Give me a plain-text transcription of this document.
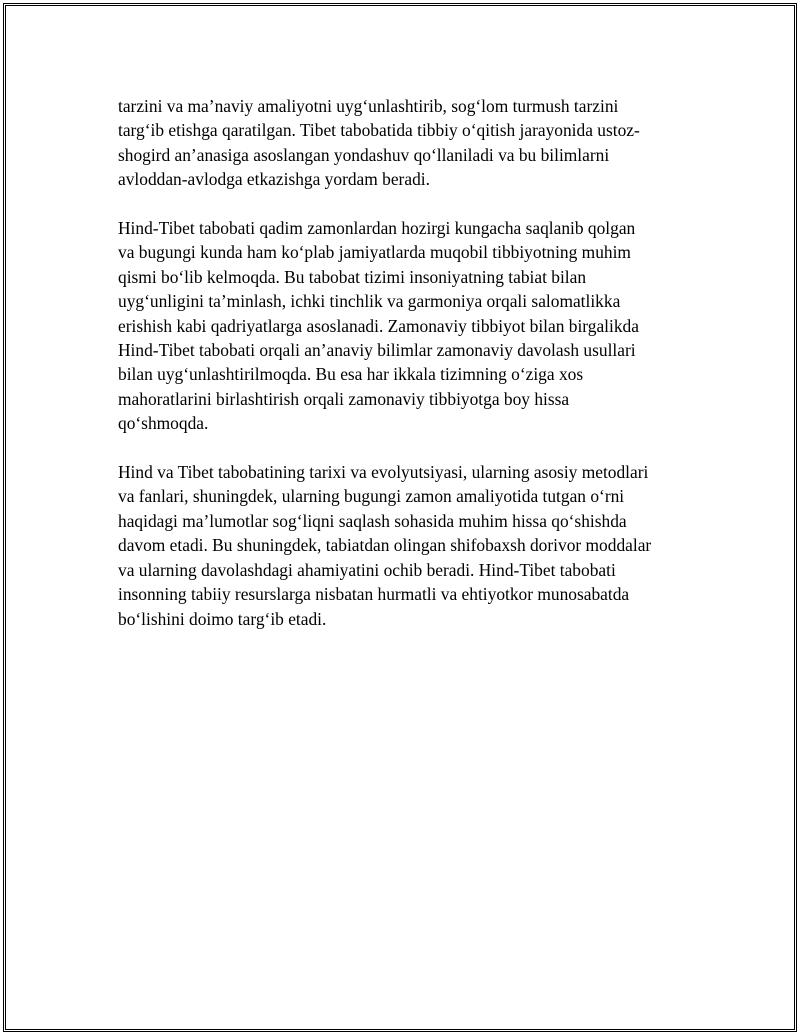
tarzini va ma’naviy amaliyotni uyg‘unlashtirib, sog‘lom turmush tarzini
targ‘ib etishga qaratilgan. Tibet tabobatida tibbiy o‘qitish jarayonida ustoz-
shogird an’anasiga asoslangan yondashuv qo‘llaniladi va bu bilimlarni
avloddan-avlodga etkazishga yordam beradi.

Hind-Tibet tabobati qadim zamonlardan hozirgi kungacha saqlanib qolgan
va bugungi kunda ham ko‘plab jamiyatlarda muqobil tibbiyotning muhim
qismi bo‘lib kelmoqda. Bu tabobat tizimi insoniyatning tabiat bilan
uyg‘unligini ta’minlash, ichki tinchlik va garmoniya orqali salomatlikka
erishish kabi qadriyatlarga asoslanadi. Zamonaviy tibbiyot bilan birgalikda
Hind-Tibet tabobati orqali an’anaviy bilimlar zamonaviy davolash usullari
bilan uyg‘unlashtirilmoqda. Bu esa har ikkala tizimning o‘ziga xos
mahoratlarini birlashtirish orqali zamonaviy tibbiyotga boy hissa
qo‘shmoqda.

Hind va Tibet tabobatining tarixi va evolyutsiyasi, ularning asosiy metodlari
va fanlari, shuningdek, ularning bugungi zamon amaliyotida tutgan o‘rni
haqidagi ma’lumotlar sog‘liqni saqlash sohasida muhim hissa qo‘shishda
davom etadi. Bu shuningdek, tabiatdan olingan shifobaxsh dorivor moddalar
va ularning davolashdagi ahamiyatini ochib beradi. Hind-Tibet tabobati
insonning tabiiy resurslarga nisbatan hurmatli va ehtiyotkor munosabatda
bo‘lishini doimo targ‘ib etadi.
